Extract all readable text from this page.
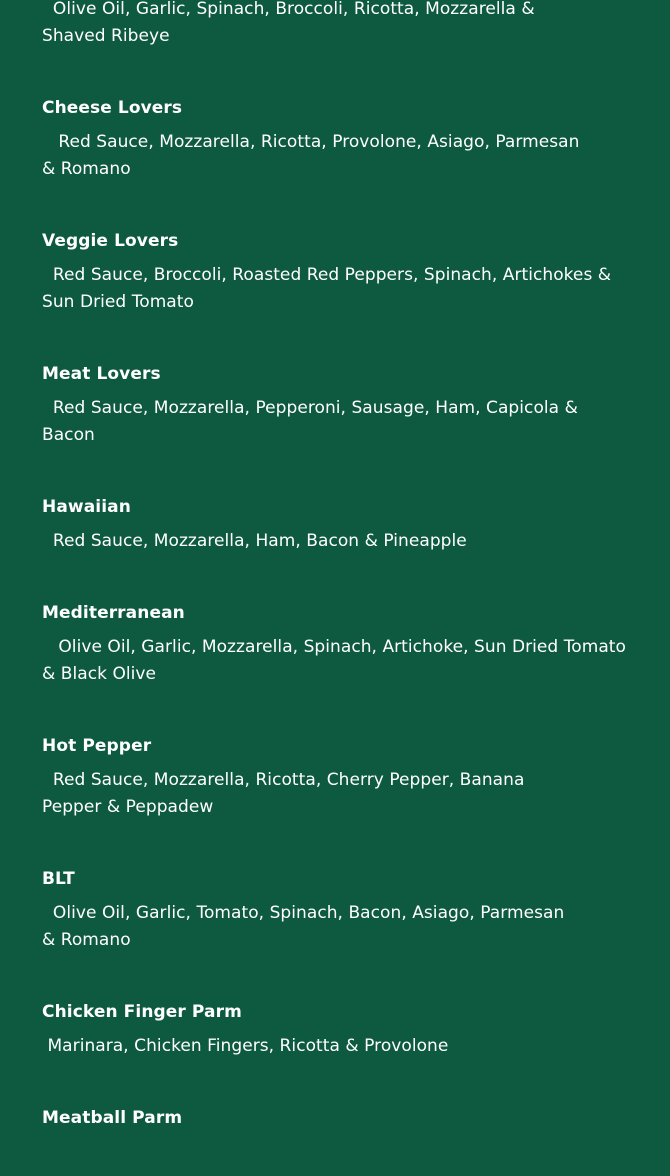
Olive Oil, Garlic, Spinach, Broccoli, Ricotta, Mozzarella & Shaved Ribeye

Cheese Lovers

Red Sauce, Mozzarella, Ricotta, Provolone, Asiago, Parmesan & Romano

Veggie Lovers

Red Sauce, Broccoli, Roasted Red Peppers, Spinach, Artichokes & Sun Dried Tomato

Meat Lovers

Red Sauce, Mozzarella, Pepperoni, Sausage, Ham, Capicola & Bacon

Hawaiian

Red Sauce, Mozzarella, Ham, Bacon & Pineapple

Mediterranean

Olive Oil, Garlic, Mozzarella, Spinach, Artichoke, Sun Dried Tomato & Black Olive

Hot Pepper

Red Sauce, Mozzarella, Ricotta, Cherry Pepper, Banana Pepper & Peppadew

BLT

Olive Oil, Garlic, Tomato, Spinach, Bacon, Asiago, Parmesan & Romano

Chicken Finger Parm

Marinara, Chicken Fingers, Ricotta & Provolone

Meatball Parm
